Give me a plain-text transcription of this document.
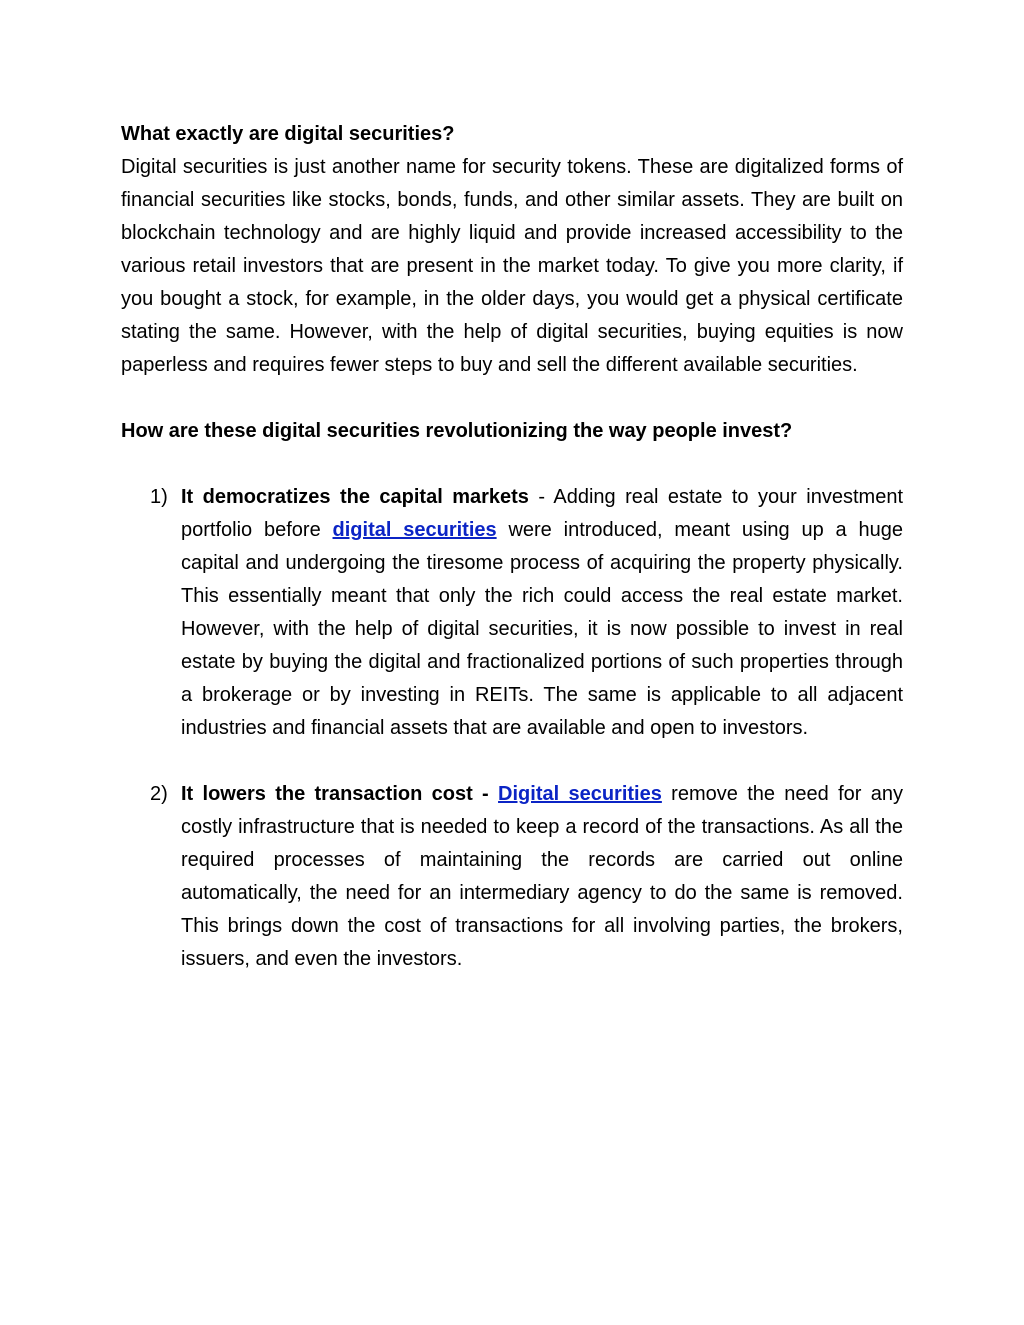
What exactly are digital securities?

Digital securities is just another name for security tokens. These are digitalized forms of financial securities like stocks, bonds, funds, and other similar assets. They are built on blockchain technology and are highly liquid and provide increased accessibility to the various retail investors that are present in the market today. To give you more clarity, if you bought a stock, for example, in the older days, you would get a physical certificate stating the same. However, with the help of digital securities, buying equities is now paperless and requires fewer steps to buy and sell the different available securities.

How are these digital securities revolutionizing the way people invest?

1) It democratizes the capital markets - Adding real estate to your investment portfolio before digital securities were introduced, meant using up a huge capital and undergoing the tiresome process of acquiring the property physically. This essentially meant that only the rich could access the real estate market. However, with the help of digital securities, it is now possible to invest in real estate by buying the digital and fractionalized portions of such properties through a brokerage or by investing in REITs. The same is applicable to all adjacent industries and financial assets that are available and open to investors.
2) It lowers the transaction cost - Digital securities remove the need for any costly infrastructure that is needed to keep a record of the transactions. As all the required processes of maintaining the records are carried out online automatically, the need for an intermediary agency to do the same is removed. This brings down the cost of transactions for all involving parties, the brokers, issuers, and even the investors.
